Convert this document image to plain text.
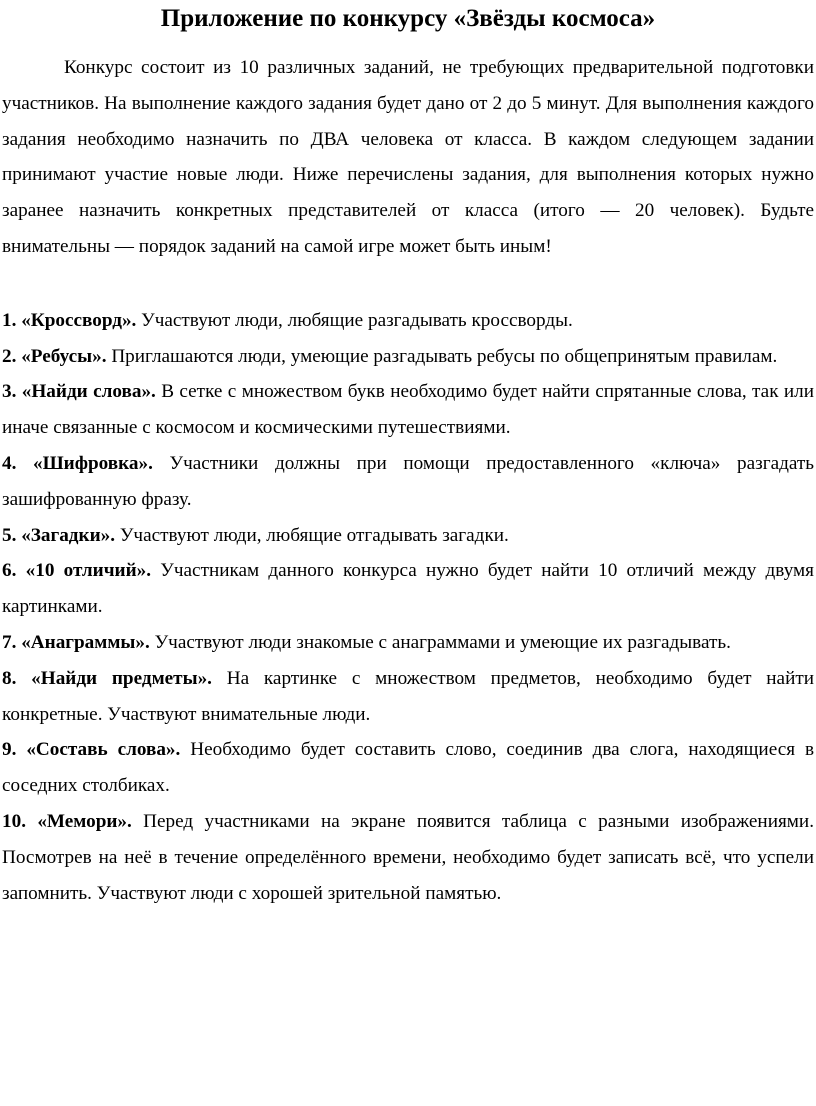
Приложение по конкурсу «Звёзды космоса»

Конкурс состоит из 10 различных заданий, не требующих предварительной подготовки участников. На выполнение каждого задания будет дано от 2 до 5 минут. Для выполнения каждого задания необходимо назначить по ДВА человека от класса. В каждом следующем задании принимают участие новые люди. Ниже перечислены задания, для выполнения которых нужно заранее назначить конкретных представителей от класса (итого — 20 человек). Будьте внимательны — порядок заданий на самой игре может быть иным!

1. «Кроссворд». Участвуют люди, любящие разгадывать кроссворды.
2. «Ребусы». Приглашаются люди, умеющие разгадывать ребусы по общепринятым правилам.
3. «Найди слова». В сетке с множеством букв необходимо будет найти спрятанные слова, так или иначе связанные с космосом и космическими путешествиями.
4. «Шифровка». Участники должны при помощи предоставленного «ключа» разгадать зашифрованную фразу.
5. «Загадки». Участвуют люди, любящие отгадывать загадки.
6. «10 отличий». Участникам данного конкурса нужно будет найти 10 отличий между двумя картинками.
7. «Анаграммы». Участвуют люди знакомые с анаграммами и умеющие их разгадывать.
8. «Найди предметы». На картинке с множеством предметов, необходимо будет найти конкретные. Участвуют внимательные люди.
9. «Составь слова». Необходимо будет составить слово, соединив два слога, находящиеся в соседних столбиках.
10. «Мемори». Перед участниками на экране появится таблица с разными изображениями. Посмотрев на неё в течение определённого времени, необходимо будет записать всё, что успели запомнить. Участвуют люди с хорошей зрительной памятью.
